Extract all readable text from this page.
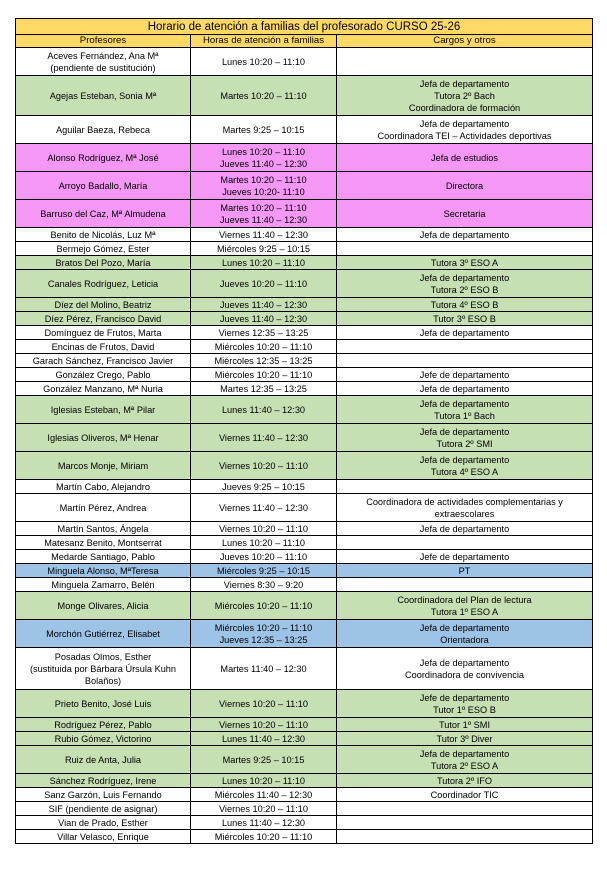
Horario de atención a familias del profesorado CURSO 25-26		
Profesores	Horas de atención a familias	Cargos y otros

Aceves Fernández, Ana Mª
(pendiente de sustitución)	Lunes 10:20 – 11:10	

Agejas Esteban, Sonia Mª	Martes 10:20 – 11:10	Jefa de departamento
Tutora 2º Bach
Coordinadora de formación

Aguilar Baeza, Rebeca	Martes 9:25 – 10:15	Jefa de departamento
Coordinadora TEI – Actividades deportivas

Alonso Rodríguez, Mª José	Lunes 10:20 – 11:10
Jueves 11:40 – 12:30	Jefa de estudios

Arroyo Badallo, María	Martes 10:20 – 11:10
Jueves 10:20- 11:10	Directora

Barruso del Caz, Mª Almudena	Martes 10:20 – 11:10
Jueves 11:40 – 12:30	Secretaria

Benito de Nicolás, Luz Mª	Viernes 11:40 – 12:30	Jefa de departamento

Bermejo Gómez, Ester	Miércoles 9:25 – 10:15	

Bratos Del Pozo, María	Lunes 10:20 – 11:10	Tutora 3º ESO A

Canales Rodríguez, Leticia	Jueves 10:20 – 11:10	Jefa de departamento
Tutora 2º ESO B

Díez del Molino, Beatriz	Jueves 11:40 – 12:30	Tutora 4º ESO B

Díez Pérez, Francisco David	Jueves 11:40 – 12:30	Tutor 3º ESO B

Domínguez de Frutos, Marta	Viernes 12:35 – 13:25	Jefa de departamento

Encinas de Frutos, David	Miércoles 10:20 – 11:10	

Garach Sánchez, Francisco Javier	Miércoles 12:35 – 13:25	

González Crego, Pablo	Miércoles 10:20 – 11:10	Jefe de departamento

González Manzano, Mª Nuria	Martes 12:35 – 13:25	Jefa de departamento

Iglesias Esteban, Mª Pilar	Lunes 11:40 – 12:30	Jefa de departamento
Tutora 1º Bach

Iglesias Oliveros, Mª Henar	Viernes 11:40 – 12:30	Jefa de departamento
Tutora 2º SMI

Marcos Monje, Miriam	Viernes 10:20 – 11:10	Jefa de departamento
Tutora 4º ESO A

Martín Cabo, Alejandro	Jueves 9:25 – 10:15	

Martín Pérez, Andrea	Viernes 11:40 – 12:30	Coordinadora de actividades complementarias y extraescolares

Martín Santos, Ángela	Viernes 10:20 – 11:10	Jefa de departamento

Matesanz Benito, Montserrat	Lunes 10:20 – 11:10	

Medarde Santiago, Pablo	Jueves 10:20 – 11:10	Jefe de departamento

Minguela Alonso, MªTeresa	Miércoles 9:25 – 10:15	PT

Minguela Zamarro, Belén	Viernes 8:30 – 9:20	

Monge Olivares, Alicia	Miércoles 10:20 – 11:10	Coordinadora del Plan de lectura
Tutora 1º ESO A

Morchón Gutiérrez, Elisabet	Miércoles 10:20 – 11:10
Jueves 12:35 – 13:25	Jefa de departamento
Orientadora

Posadas Olmos, Esther
(sustituida por Bárbara Úrsula Kuhn
Bolaños)	Martes 11:40 – 12:30	Jefa de departamento
Coordinadora de convivencia

Prieto Benito, José Luis	Viernes 10:20 – 11:10	Jefe de departamento
Tutor 1º ESO B

Rodríguez Pérez, Pablo	Viernes 10:20 – 11:10	Tutor 1º SMI

Rubio Gómez, Victorino	Lunes 11:40 – 12:30	Tutor 3º Diver

Ruiz de Anta, Julia	Martes 9:25 – 10:15	Jefa de departamento
Tutora 2º ESO A

Sánchez Rodríguez, Irene	Lunes 10:20 – 11:10	Tutora 2º IFO

Sanz Garzón, Luis Fernando	Miércoles 11:40 – 12:30	Coordinador TIC

SIF (pendiente de asignar)	Viernes 10:20 – 11:10	

Vian de Prado, Esther	Lunes 11:40 – 12:30	

Villar Velasco, Enrique	Miércoles 10:20 – 11:10	
